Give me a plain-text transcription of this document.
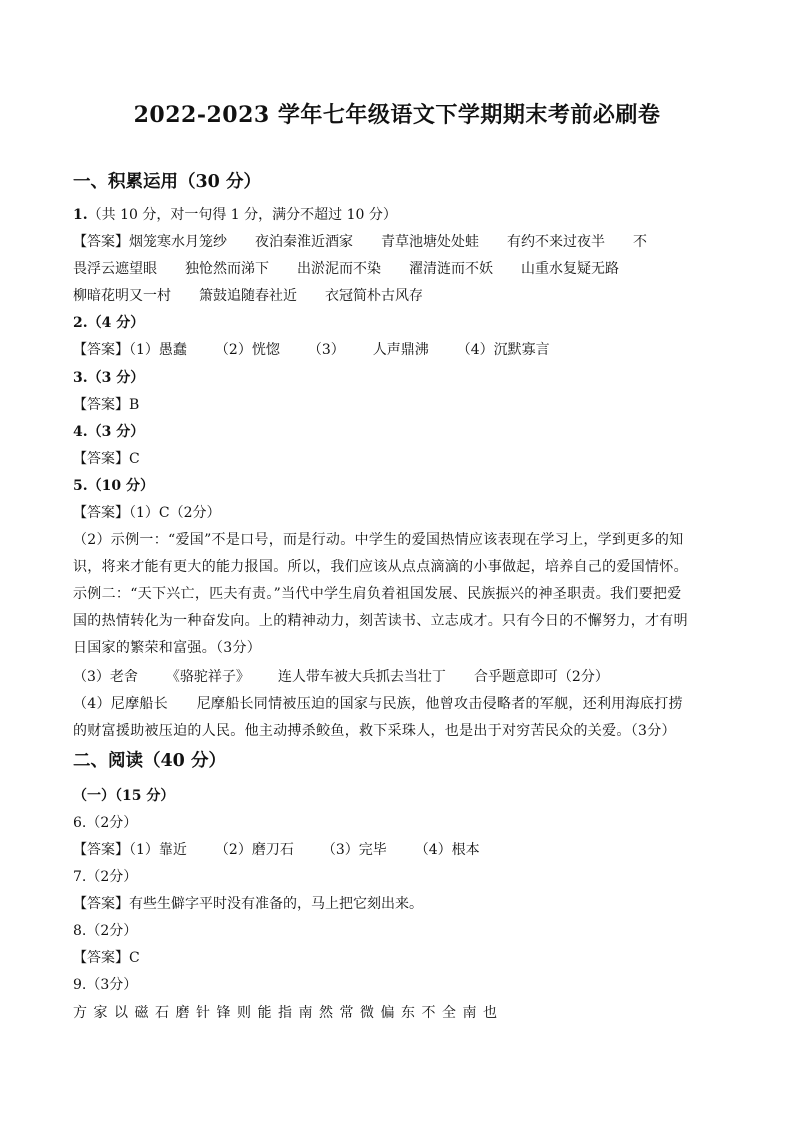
2022-2023 学年七年级语文下学期期末考前必刷卷
一、积累运用（30 分）
1.（共 10 分，对一句得 1 分，满分不超过 10 分）
【答案】烟笼寒水月笼纱 夜泊秦淮近酒家 青草池塘处处蛙 有约不来过夜半 不
畏浮云遮望眼 独怆然而涕下 出淤泥而不染 濯清涟而不妖 山重水复疑无路
柳暗花明又一村 箫鼓追随春社近 衣冠简朴古风存
2.（4 分）
【答案】（1）愚蠢 （2）恍惚 （3） 人声鼎沸 （4）沉默寡言
3.（3 分）
【答案】B
4.（3 分）
【答案】C
5.（10 分）
【答案】（1）C（2分）
（2）示例一：“爱国”不是口号，而是行动。中学生的爱国热情应该表现在学习上，学到更多的知
识，将来才能有更大的能力报国。所以，我们应该从点点滴滴的小事做起，培养自己的爱国情怀。
示例二：“天下兴亡，匹夫有责。”当代中学生肩负着祖国发展、民族振兴的神圣职责。我们要把爱
国的热情转化为一种奋发向。上的精神动力，刻苦读书、立志成才。只有今日的不懈努力，才有明
日国家的繁荣和富强。（3分）
（3）老舍 《骆驼祥子》 连人带车被大兵抓去当壮丁 合乎题意即可（2分）
（4）尼摩船长　　尼摩船长同情被压迫的国家与民族，他曾攻击侵略者的军舰，还利用海底打捞
的财富援助被压迫的人民。他主动搏杀鲛鱼，救下采珠人，也是出于对穷苦民众的关爱。（3分）
二、阅读（40 分）
（一）（15 分）
6.（2分）
【答案】（1）靠近 （2）磨刀石 （3）完毕 （4）根本
7.（2分）
【答案】有些生僻字平时没有准备的，马上把它刻出来。
8.（2分）
【答案】C
9.（3分）
方家以磁石磨针锋则能指南然常微偏东不全南也
